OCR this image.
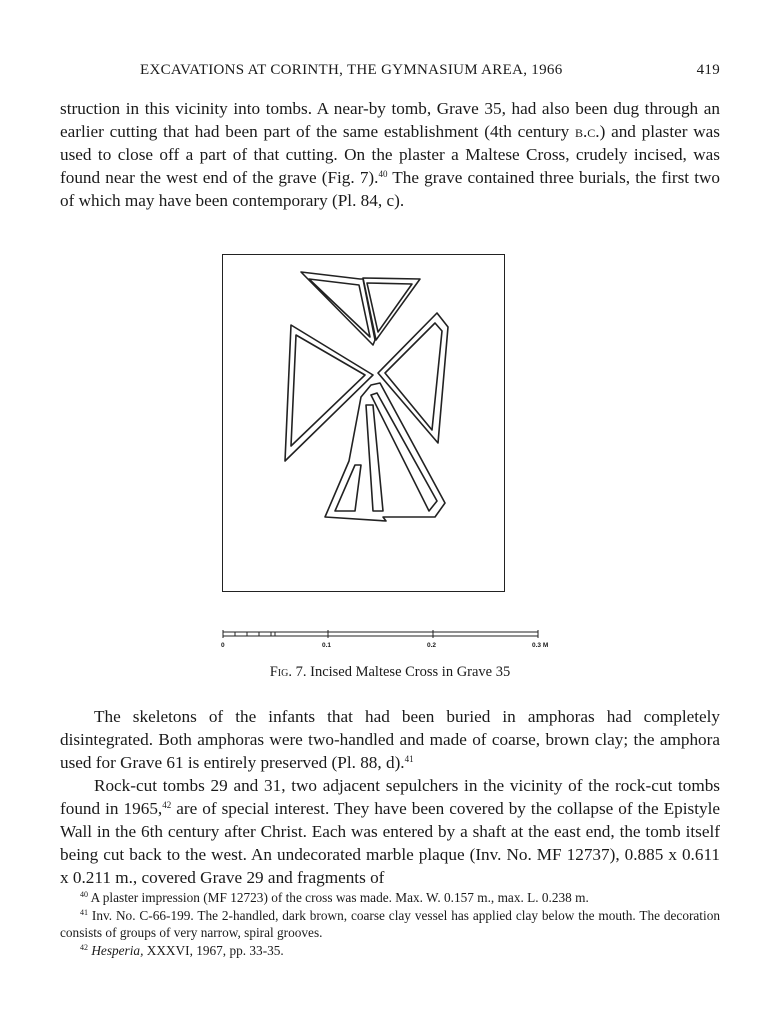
EXCAVATIONS AT CORINTH, THE GYMNASIUM AREA, 1966	419

struction in this vicinity into tombs. A near-by tomb, Grave 35, had also been dug through an earlier cutting that had been part of the same establishment (4th century b.c.) and plaster was used to close off a part of that cutting. On the plaster a Maltese Cross, crudely incised, was found near the west end of the grave (Fig. 7).$^{40}$ The grave contained three burials, the first two of which may have been contemporary (Pl. 84, c).

0	0.1	0.2	0.3 M
Fig. 7. Incised Maltese Cross in Grave 35

The skeletons of the infants that had been buried in amphoras had completely disintegrated. Both amphoras were two-handled and made of coarse, brown clay; the amphora used for Grave 61 is entirely preserved (Pl. 88, d).$^{41}$

Rock-cut tombs 29 and 31, two adjacent sepulchers in the vicinity of the rock-cut tombs found in 1965,42 are of special interest. They have been covered by the collapse of the Epistyle Wall in the 6th century after Christ. Each was entered by a shaft at the east end, the tomb itself being cut back to the west. An undecorated marble plaque (Inv. No. MF 12737), 0.885 x 0.611 x 0.211 m., covered Grave 29 and fragments of

$^{40}$ A plaster impression (MF 12723) of the cross was made. Max. W. 0.157 m., max. L. 0.238 m.

$^{41}$ Inv. No. C-66-199. The 2-handled, dark brown, coarse clay vessel has applied clay below the mouth. The decoration consists of groups of very narrow, spiral grooves.

$^{42}$ Hesperia, XXXVI, 1967, pp. 33-35.
